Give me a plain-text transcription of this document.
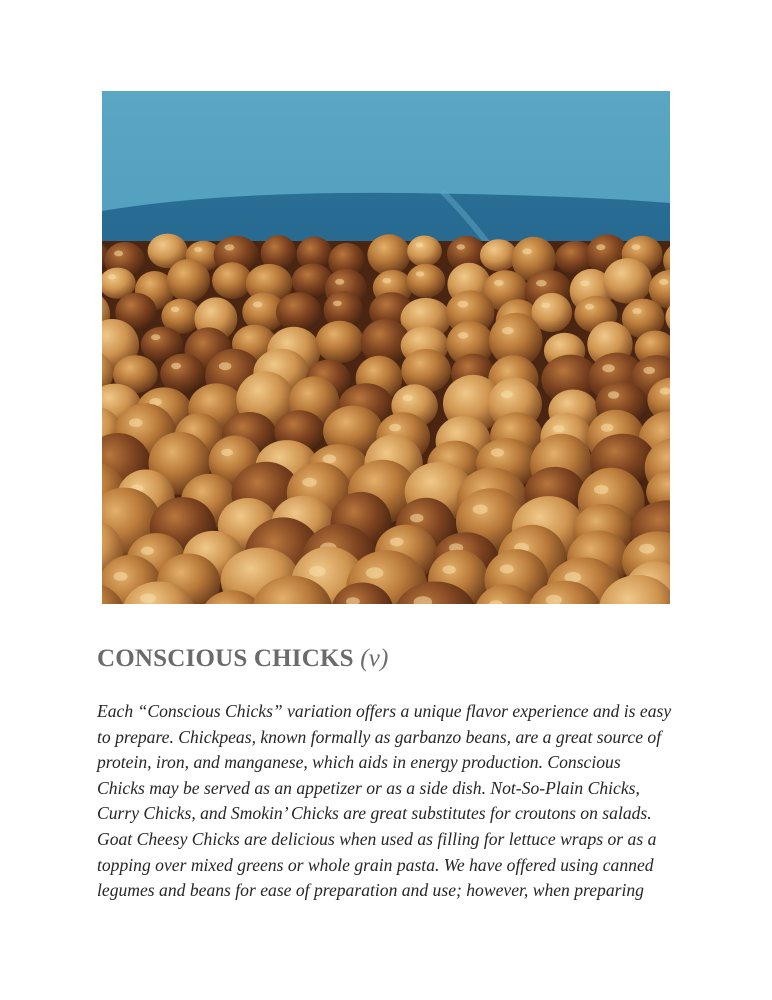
CONSCIOUS CHICKS (v)

Each “Conscious Chicks” variation offers a unique flavor experience and is easy
to prepare. Chickpeas, known formally as garbanzo beans, are a great source of
protein, iron, and manganese, which aids in energy production. Conscious
Chicks may be served as an appetizer or as a side dish. Not-So-Plain Chicks,
Curry Chicks, and Smokin’ Chicks are great substitutes for croutons on salads.
Goat Cheesy Chicks are delicious when used as filling for lettuce wraps or as a
topping over mixed greens or whole grain pasta. We have offered using canned
legumes and beans for ease of preparation and use; however, when preparing
